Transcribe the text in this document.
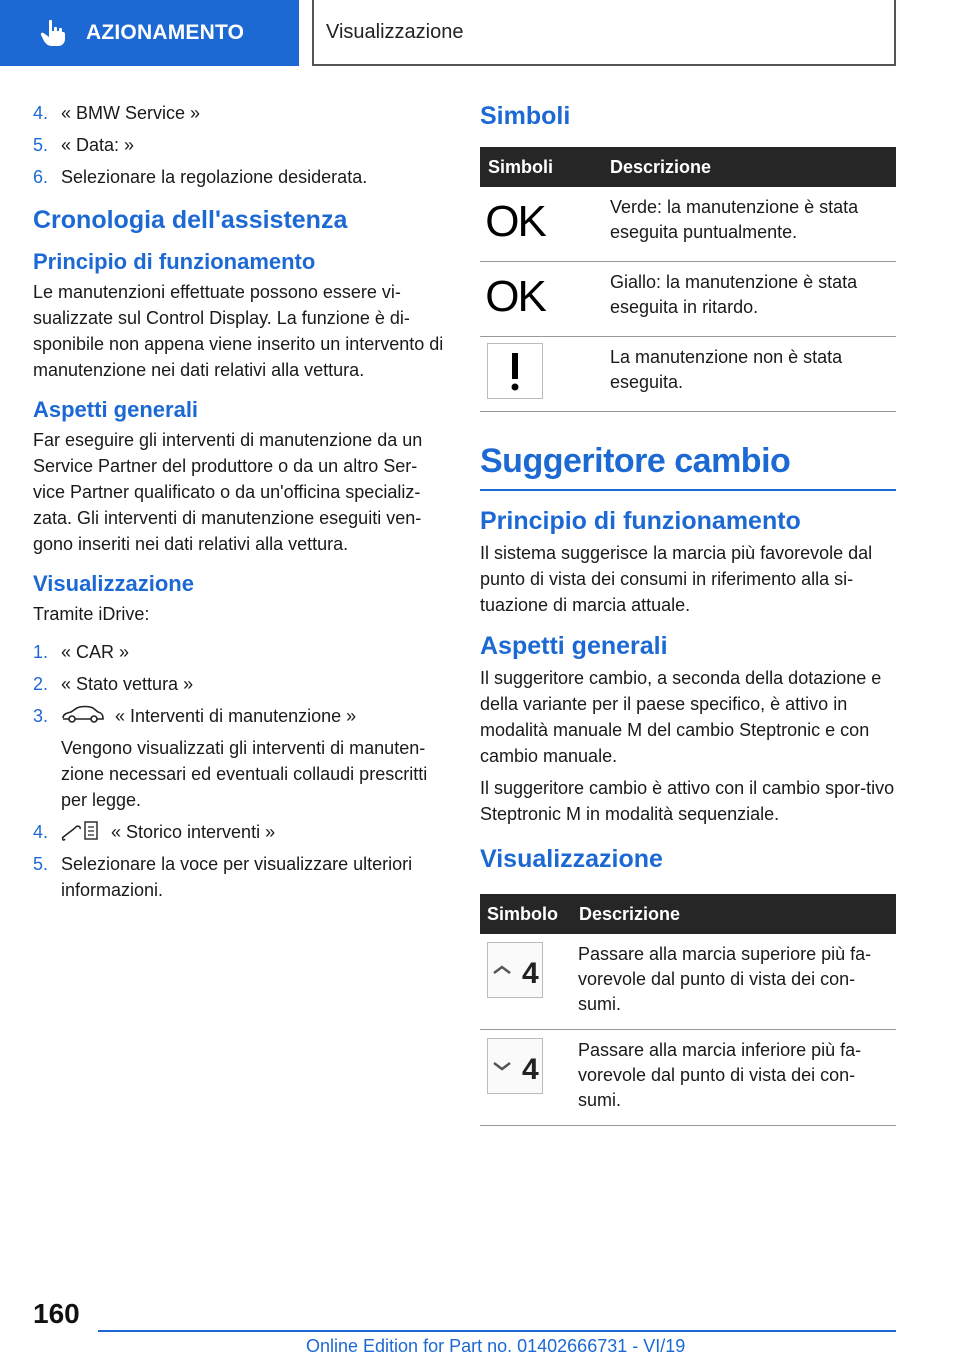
AZIONAMENTO	Visualizzazione
4. « BMW Service »
5. « Data: »
6. Selezionare la regolazione desiderata.
Cronologia dell'assistenza
Principio di funzionamento

Le manutenzioni effettuate possono essere vi-sualizzate sul Control Display. La funzione è di-sponibile non appena viene inserito un intervento di manutenzione nei dati relativi alla vettura.

Aspetti generali

Far eseguire gli interventi di manutenzione da un Service Partner del produttore o da un altro Ser-vice Partner qualificato o da un'officina specializ-zata. Gli interventi di manutenzione eseguiti ven-gono inseriti nei dati relativi alla vettura.

Visualizzazione

Tramite iDrive:

1. « CAR »
2. « Stato vettura »
3.	« Interventi di manutenzione »

Vengono visualizzati gli interventi di manuten-zione necessari ed eventuali collaudi prescritti per legge.

4.	« Storico interventi »
5. Selezionare la voce per visualizzare ulteriori informazioni.
Simboli
Simboli	Descrizione

OK	Verde: la manutenzione è stata eseguita puntualmente.

OK	Giallo: la manutenzione è stata eseguita in ritardo.

	La manutenzione non è stata eseguita.
Suggeritore cambio
Principio di funzionamento

Il sistema suggerisce la marcia più favorevole dal punto di vista dei consumi in riferimento alla si-tuazione di marcia attuale.

Aspetti generali

Il suggeritore cambio, a seconda della dotazione e della variante per il paese specifico, è attivo in modalità manuale M del cambio Steptronic e con cambio manuale.

Il suggeritore cambio è attivo con il cambio spor-tivo Steptronic M in modalità sequenziale.

Visualizzazione
Simbolo	Descrizione

4	Passare alla marcia superiore più fa-vorevole dal punto di vista dei con-sumi.

4	Passare alla marcia inferiore più fa-vorevole dal punto di vista dei con-sumi.
160
Online Edition for Part no. 01402666731 - VI/19
